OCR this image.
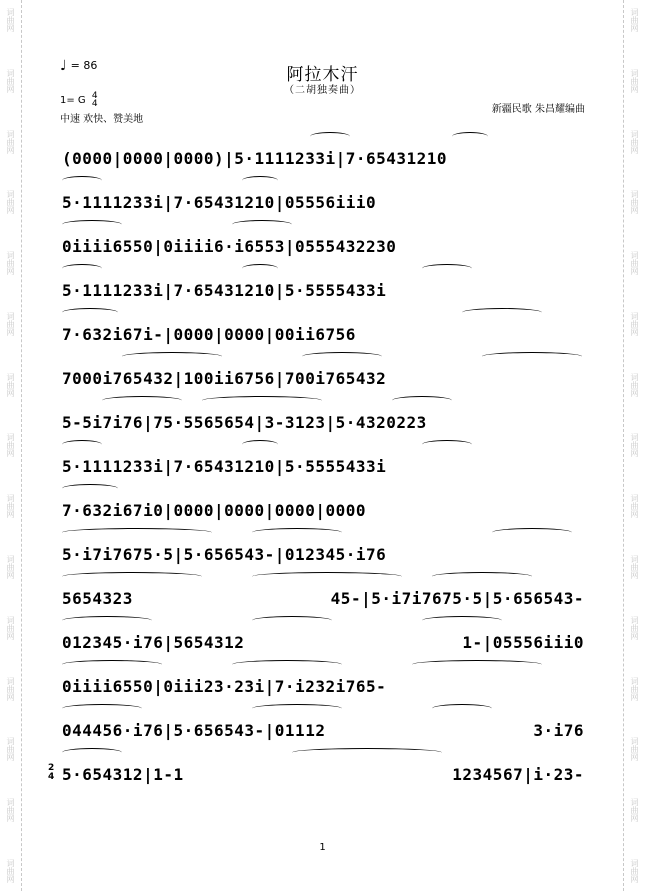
词曲网
词曲网
词曲网
词曲网
词曲网
词曲网
词曲网
词曲网
词曲网
词曲网
词曲网
词曲网
词曲网
词曲网
词曲网
词曲网
词曲网
词曲网
词曲网
词曲网
词曲网
词曲网
词曲网
词曲网
词曲网
词曲网
词曲网
词曲网
词曲网
词曲网
♩ = 86
1= G 4
4
中速 欢快、赞美地
阿拉木汗
（二胡独奏曲）
新疆民歌 朱昌耀编曲
(0000|0000|0000)|5·1111233i|7·65431210
5·1111233i|7·65431210|05556iii0
0iiii6550|0iiii6·i6553|0555432230
5·1111233i|7·65431210|5·5555433i
7·632i67i-|0000|0000|00ii6756
7000i765432|100ii6756|700i765432
5-5i7i76|75·5565654|3-3123|5·4320223
5·1111233i|7·65431210|5·5555433i
7·632i67i0|0000|0000|0000|0000
5·i7i7675·5|5·656543-|012345·i76
5654323 45-|5·i7i7675·5|5·656543-
012345·i76|5654312 1-|05556iii0
0iiii6550|0iii23·23i|7·i232i765-
044456·i76|5·656543-|01112 3·i76
2
4 5·654312|1-1 1234567|i·23-
1
